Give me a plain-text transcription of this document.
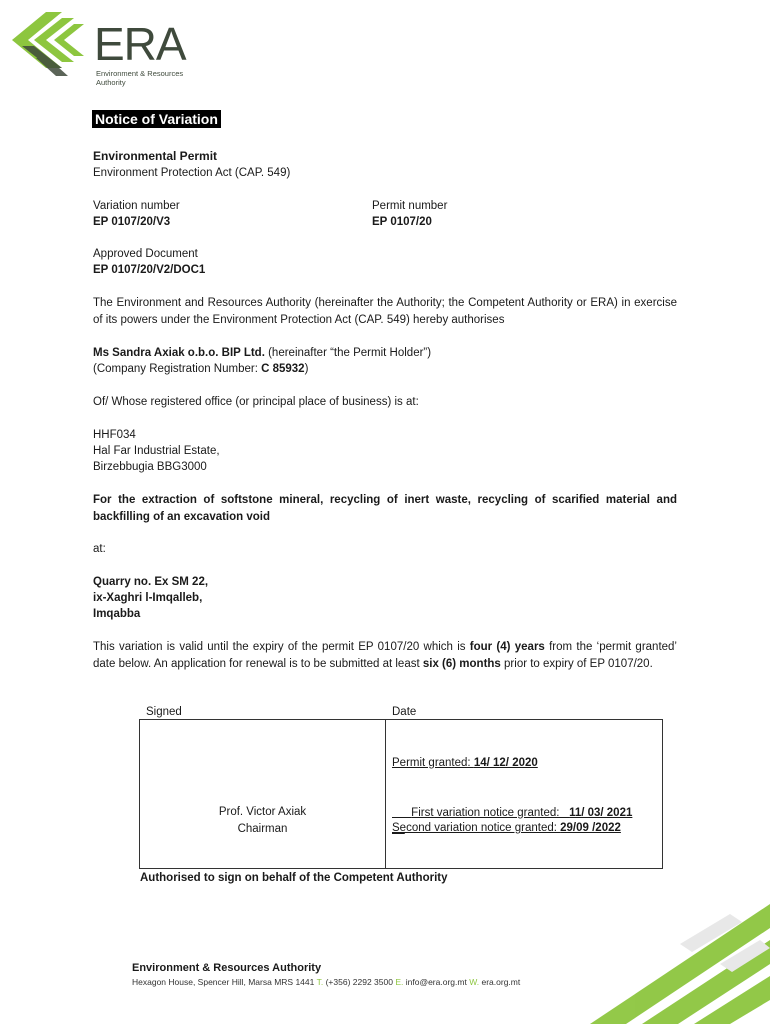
ERA
Environment & Resources
Authority
Notice of Variation
Environmental Permit
Environment Protection Act (CAP. 549)
Variation number
EP 0107/20/V3
Permit number
EP 0107/20
Approved Document
EP 0107/20/V2/DOC1
The Environment and Resources Authority (hereinafter the Authority; the Competent Authority or ERA) in exercise of its powers under the Environment Protection Act (CAP. 549) hereby authorises
Ms Sandra Axiak o.b.o. BIP Ltd. (hereinafter “the Permit Holder”)
(Company Registration Number: C 85932)
Of/ Whose registered office (or principal place of business) is at:
HHF034
Hal Far Industrial Estate,
Birzebbugia BBG3000
For the extraction of softstone mineral, recycling of inert waste, recycling of scarified material and backfilling of an excavation void
at:
Quarry no. Ex SM 22,
ix-Xaghri l-Imqalleb,
Imqabba
This variation is valid until the expiry of the permit EP 0107/20 which is four (4) years from the ‘permit granted’ date below. An application for renewal is to be submitted at least six (6) months prior to expiry of EP 0107/20.
Signed	Date
Prof. Victor Axiak
Chairman
Permit granted: 14/ 12/ 2020

First variation notice granted:   11/ 03/ 2021

Second variation notice granted: 29/09 /2022
Authorised to sign on behalf of the Competent Authority
Environment & Resources Authority
Hexagon House, Spencer Hill, Marsa MRS 1441 T. (+356) 2292 3500 E. info@era.org.mt W. era.org.mt
